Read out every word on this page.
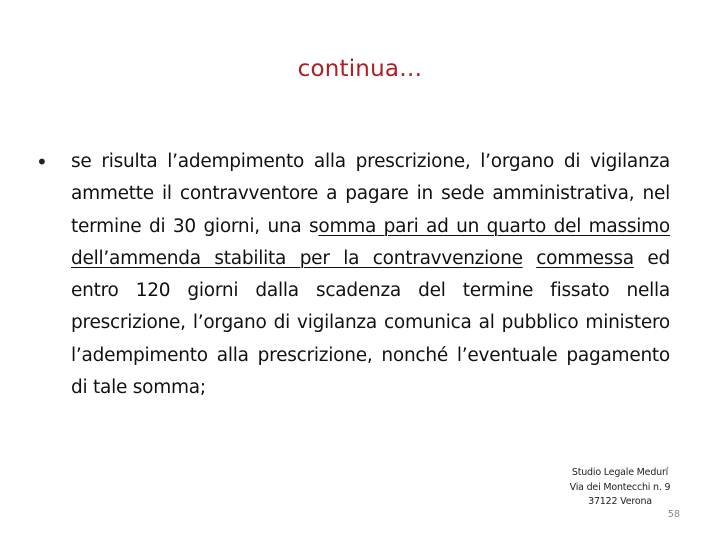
continua…
• se risulta l’adempimento alla prescrizione, l’organo di vigilanza ammette il contravventore a pagare in sede amministrativa, nel termine di 30 giorni, una somma pari ad un quarto del massimo dell’ammenda stabilita per la contravvenzione commessa ed entro 120 giorni dalla scadenza del termine fissato nella prescrizione, l’organo di vigilanza comunica al pubblico ministero l’adempimento alla prescrizione, nonché l’eventuale pagamento di tale somma;
Studio Legale Medurí
Via dei Montecchi n. 9
37122 Verona
58
